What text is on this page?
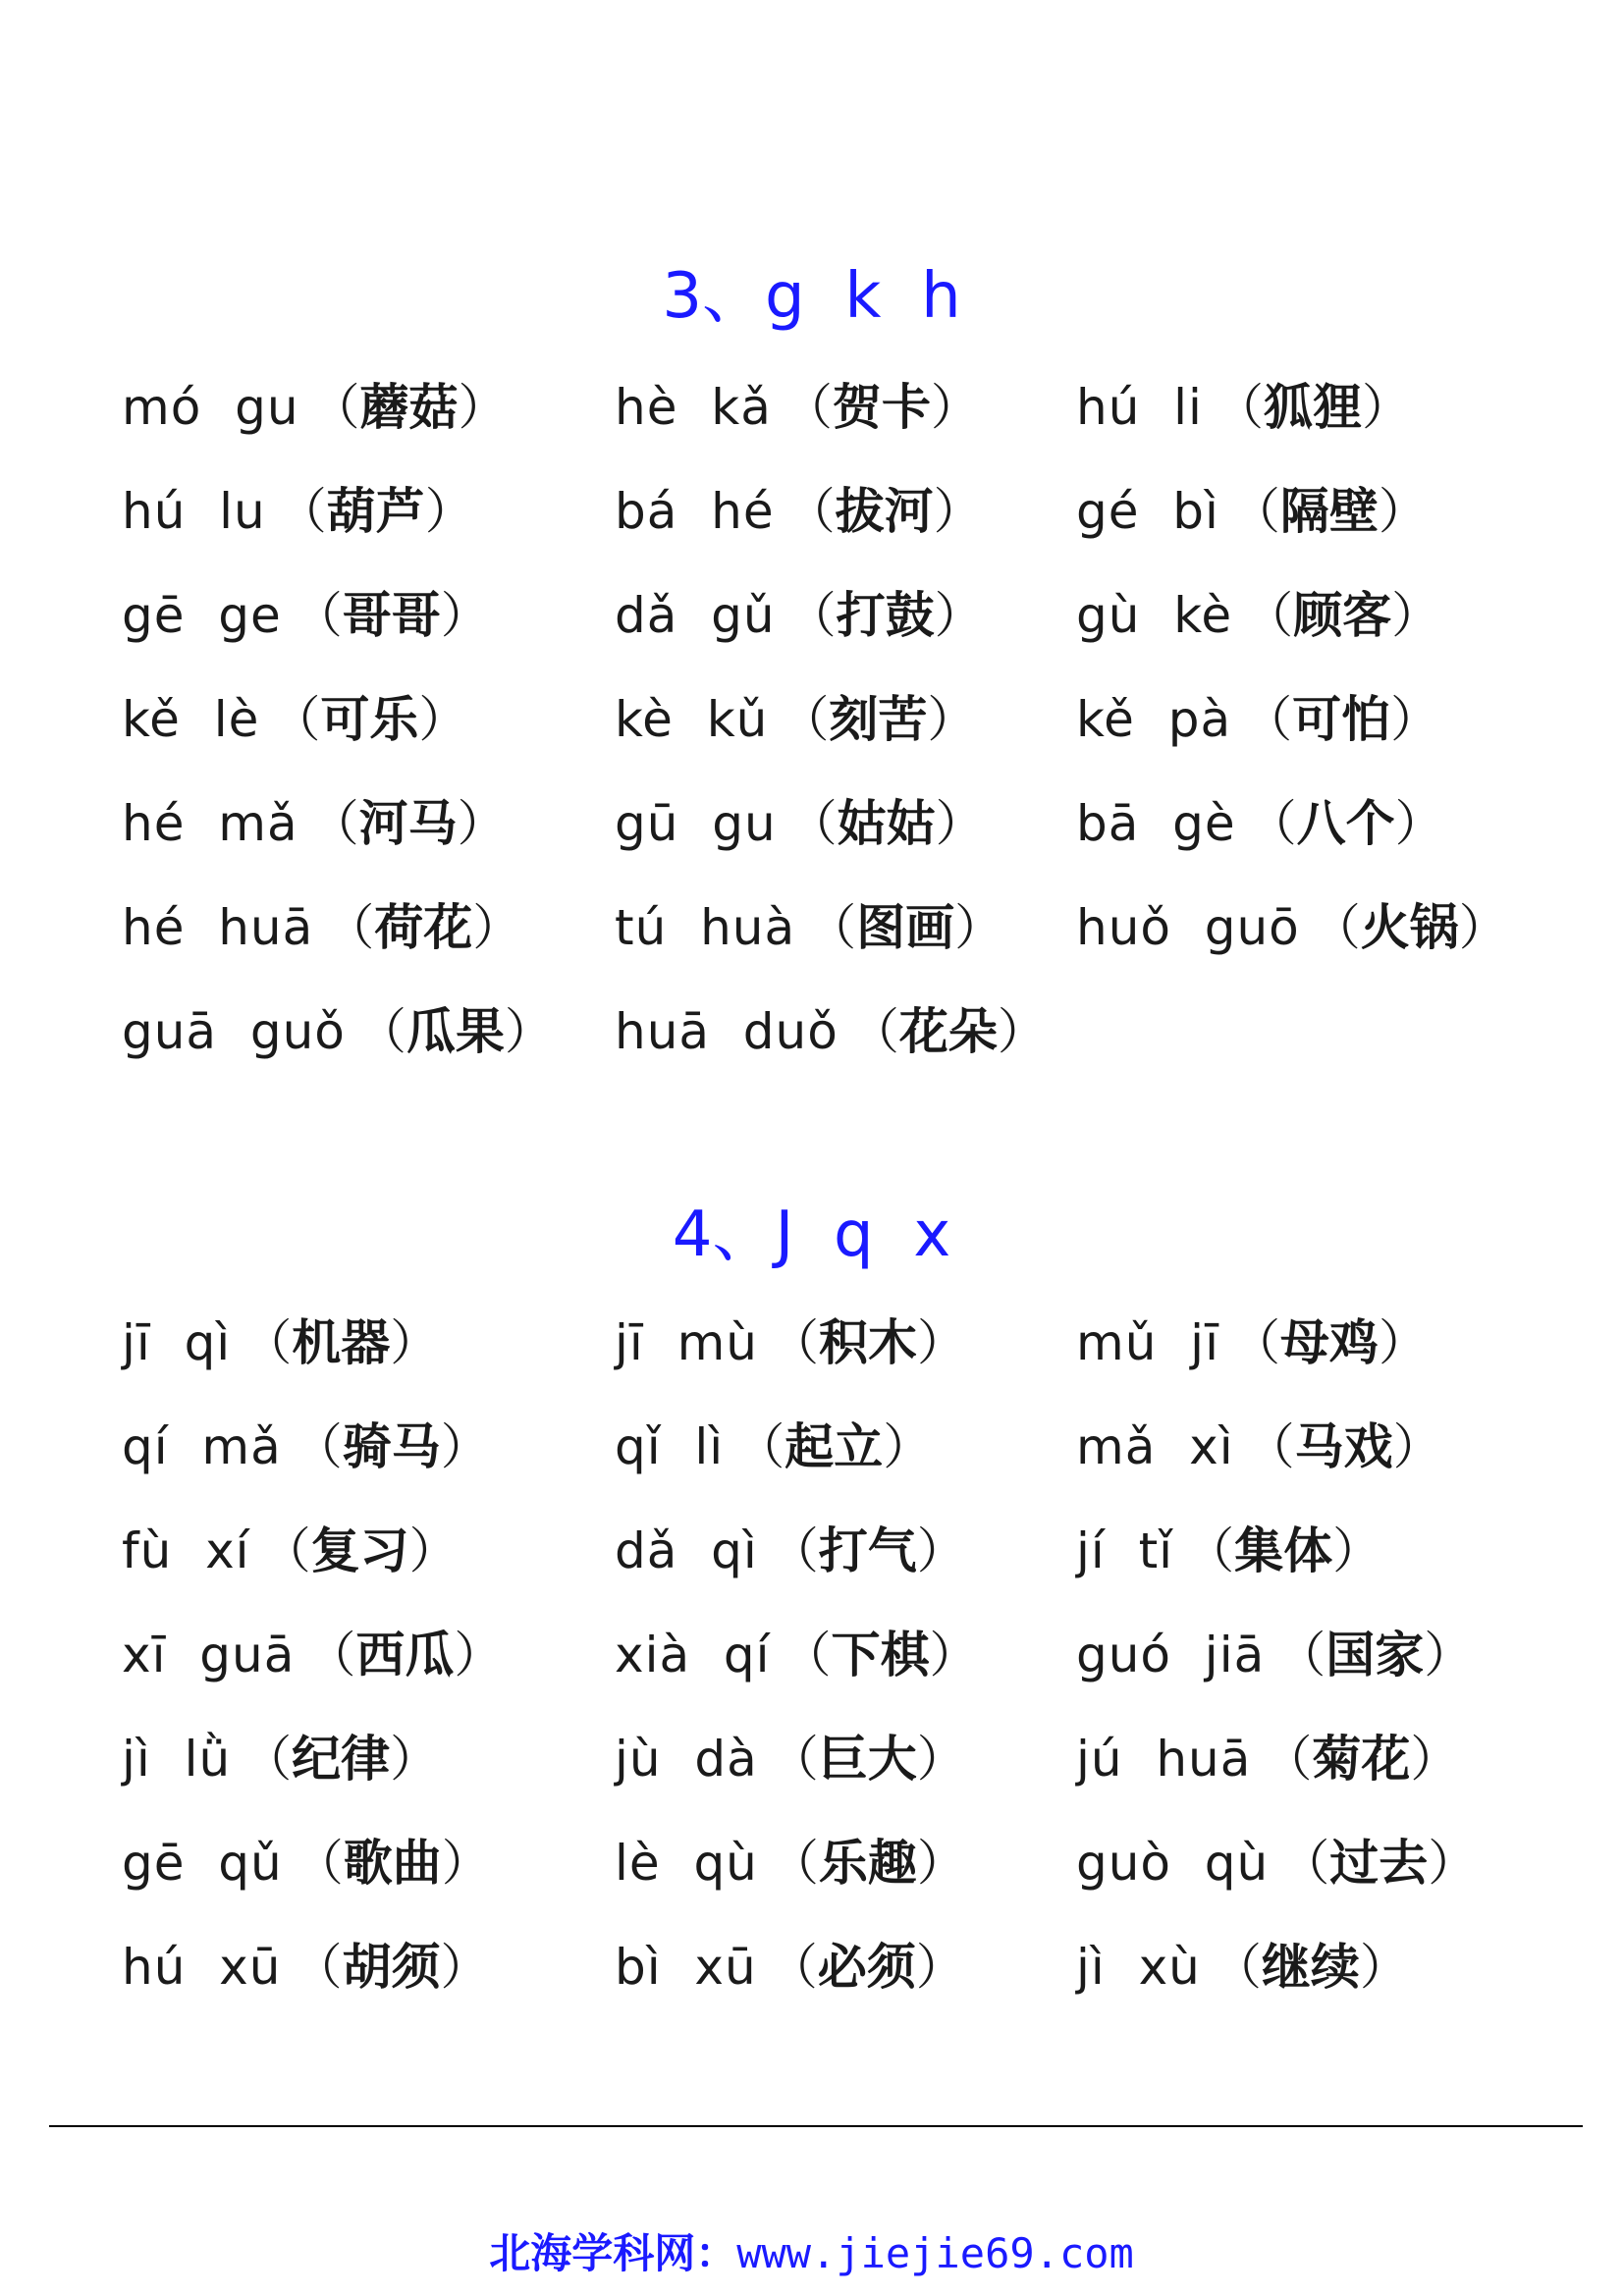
3、g  k  h
mó  gu （蘑菇） hè  kǎ （贺卡） hú  li （狐狸）
hú  lu （葫芦）	bá  hé （拔河） gé  bì （隔壁）
gē  ge （哥哥）	dǎ  gǔ （打鼓） gù  kè （顾客）
kě  lè （可乐）	kè  kǔ （刻苦） kě  pà （可怕）
hé  mǎ （河马） gū  gu （姑姑） bā  gè （八个）
hé  huā （荷花） tú  huà （图画） huǒ  guō （火锅）
guā  guǒ （瓜果） huā  duǒ （花朵）
4、J  q  x
jī  qì （机器）	jī  mù （积木） mǔ  jī （母鸡）
qí  mǎ （骑马）	qǐ  lì （起立）	mǎ  xì （马戏）
fù  xí （复习）	dǎ  qì （打气） jí  tǐ （集体）
xī  guā （西瓜） xià  qí （下棋） guó  jiā （国家）
jì  lǜ （纪律）	jù  dà （巨大） jú  huā （菊花）
gē  qǔ （歌曲）	lè  qù （乐趣） guò  qù （过去）
hú  xū （胡须）	bì  xū （必须） jì  xù （继续）
北海学科网：www.jiejie69.com
